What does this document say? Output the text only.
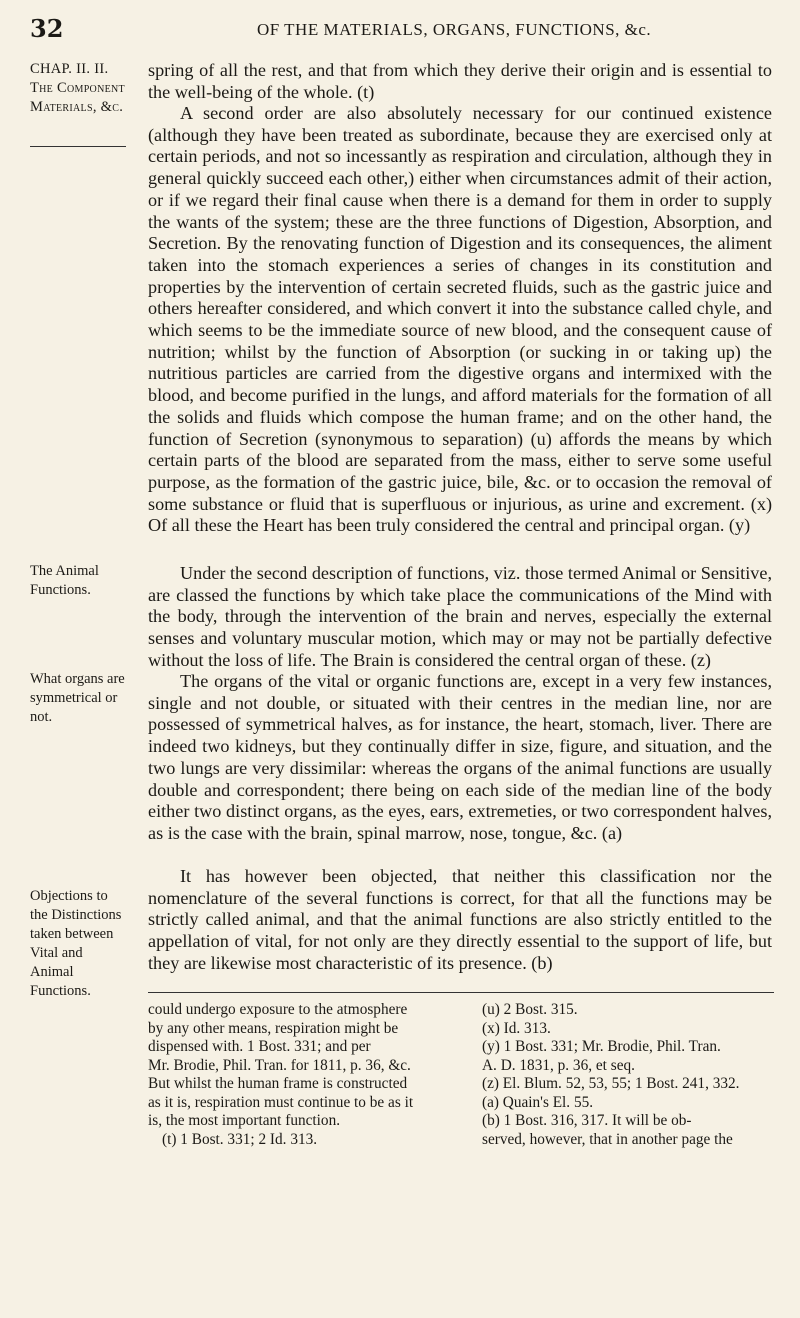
32	OF THE MATERIALS, ORGANS, FUNCTIONS, &c.
CHAP. II. II. The Component Materials, &c.
The Animal Functions.
What organs are symmetrical or not.
Objections to the Distinctions taken between Vital and Animal Functions.

spring of all the rest, and that from which they derive their origin and is essential to the well-being of the whole. (t)

A second order are also absolutely necessary for our continued existence (although they have been treated as subordinate, because they are exercised only at certain periods, and not so incessantly as respiration and circulation, although they in general quickly succeed each other,) either when circumstances admit of their action, or if we regard their final cause when there is a demand for them in order to supply the wants of the system; these are the three functions of Digestion, Absorption, and Secretion. By the renovating function of Digestion and its consequences, the aliment taken into the stomach experiences a series of changes in its constitution and properties by the intervention of certain secreted fluids, such as the gastric juice and others hereafter considered, and which convert it into the substance called chyle, and which seems to be the immediate source of new blood, and the consequent cause of nutrition; whilst by the function of Absorption (or sucking in or taking up) the nutritious particles are carried from the digestive organs and intermixed with the blood, and become purified in the lungs, and afford materials for the formation of all the solids and fluids which compose the human frame; and on the other hand, the function of Secretion (synonymous to separation) (u) affords the means by which certain parts of the blood are separated from the mass, either to serve some useful purpose, as the formation of the gastric juice, bile, &c. or to occasion the removal of some substance or fluid that is superfluous or injurious, as urine and excrement. (x) Of all these the Heart has been truly considered the central and principal organ. (y)

Under the second description of functions, viz. those termed Animal or Sensitive, are classed the functions by which take place the communications of the Mind with the body, through the intervention of the brain and nerves, especially the external senses and voluntary muscular motion, which may or may not be partially defective without the loss of life. The Brain is considered the central organ of these. (z)

The organs of the vital or organic functions are, except in a very few instances, single and not double, or situated with their centres in the median line, nor are possessed of symmetrical halves, as for instance, the heart, stomach, liver. There are indeed two kidneys, but they continually differ in size, figure, and situation, and the two lungs are very dissimilar: whereas the organs of the animal functions are usually double and correspondent; there being on each side of the median line of the body either two distinct organs, as the eyes, ears, extremeties, or two correspondent halves, as is the case with the brain, spinal marrow, nose, tongue, &c. (a)

It has however been objected, that neither this classification nor the nomenclature of the several functions is correct, for that all the functions may be strictly called animal, and that the animal functions are also strictly entitled to the appellation of vital, for not only are they directly essential to the support of life, but they are likewise most characteristic of its presence. (b)

could undergo exposure to the atmosphere
by any other means, respiration might be
dispensed with. 1 Bost. 331; and per
Mr. Brodie, Phil. Tran. for 1811, p. 36, &c.
But whilst the human frame is constructed
as it is, respiration must continue to be as it
is, the most important function.
(t) 1 Bost. 331; 2 Id. 313.
(u) 2 Bost. 315.
(x) Id. 313.
(y) 1 Bost. 331; Mr. Brodie, Phil. Tran.
A. D. 1831, p. 36, et seq.
(z) El. Blum. 52, 53, 55; 1 Bost. 241, 332.
(a) Quain's El. 55.
(b) 1 Bost. 316, 317. It will be ob-
served, however, that in another page the
